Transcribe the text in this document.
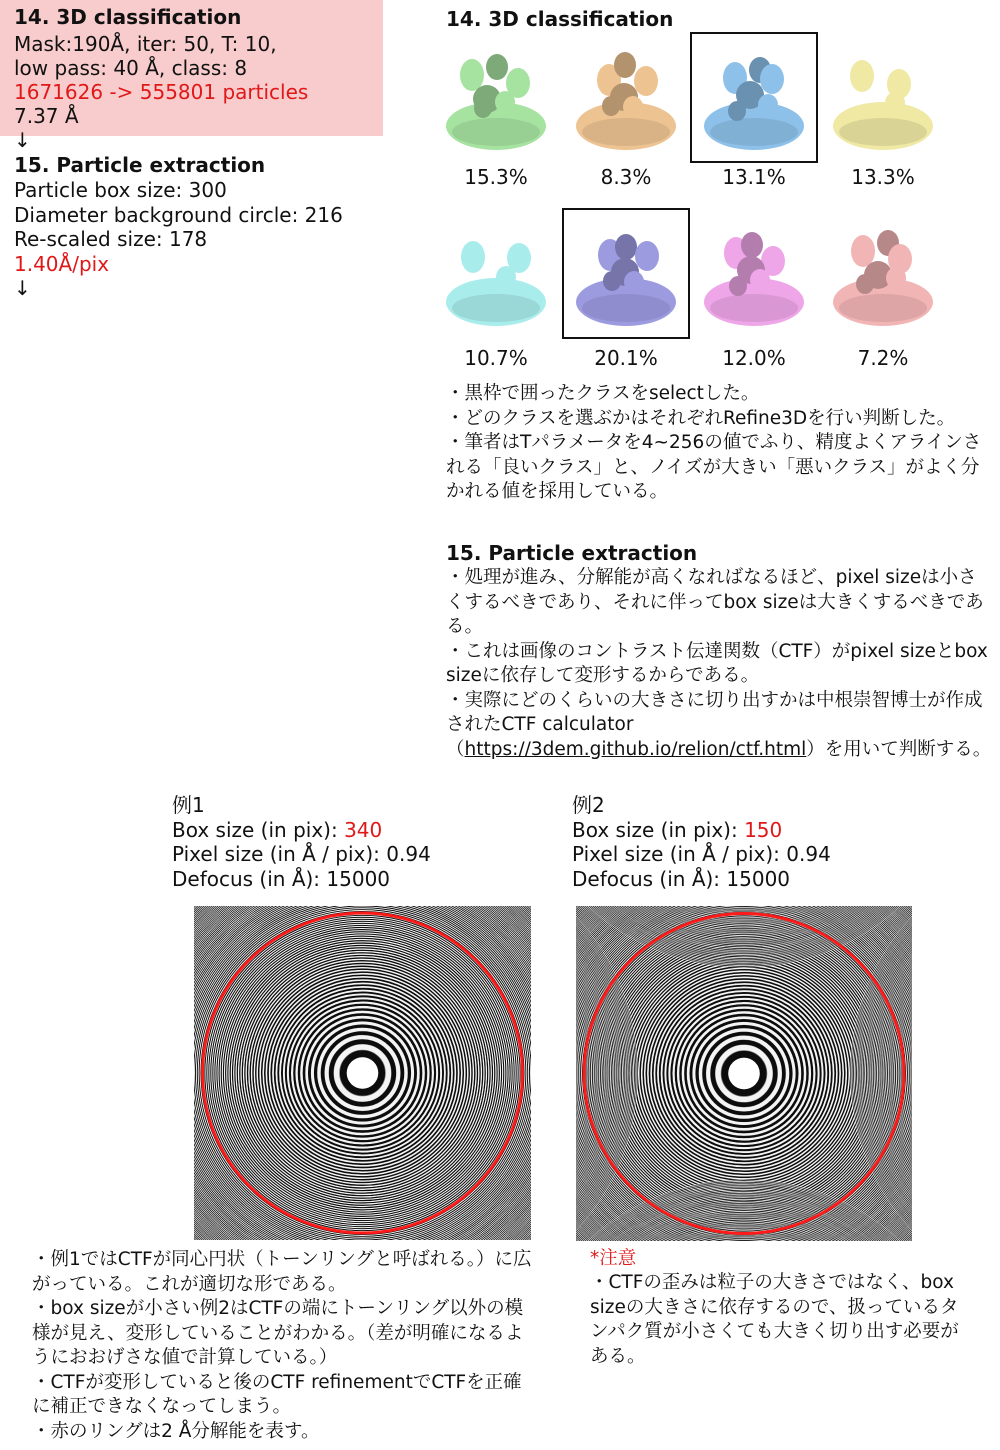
14. 3D classification
Mask:190Å, iter: 50, T: 10,
low pass: 40 Å, class: 8
1671626 -> 555801 particles
7.37 Å
↓
15. Particle extraction
Particle box size: 300
Diameter background circle: 216
Re-scaled size: 178
1.40Å/pix
↓
14. 3D classification
15.3%	8.3%	13.1%	13.3%
10.7%	20.1%	12.0%	7.2%
・黒枠で囲ったクラスをselectした。
・どのクラスを選ぶかはそれぞれRefine3Dを行い判断した。
・筆者はTパラメータを4~256の値でふり、精度よくアラインされる「良いクラス」と、ノイズが大きい「悪いクラス」がよく分かれる値を採用している。
15. Particle extraction
・処理が進み、分解能が高くなればなるほど、pixel sizeは小さくするべきであり、それに伴ってbox sizeは大きくするべきである。
・これは画像のコントラスト伝達関数（CTF）がpixel sizeとbox sizeに依存して変形するからである。
・実際にどのくらいの大きさに切り出すかは中根崇智博士が作成されたCTF calculator（https://3dem.github.io/relion/ctf.html）を用いて判断する。
例1
Box size (in pix): 340
Pixel size (in Å / pix): 0.94
Defocus (in Å): 15000
例2
Box size (in pix): 150
Pixel size (in Å / pix): 0.94
Defocus (in Å): 15000
・例1ではCTFが同心円状（トーンリングと呼ばれる。）に広がっている。これが適切な形である。
・box sizeが小さい例2はCTFの端にトーンリング以外の模様が見え、変形していることがわかる。（差が明確になるようにおおげさな値で計算している。）
・CTFが変形していると後のCTF refinementでCTFを正確に補正できなくなってしまう。
・赤のリングは2 Å分解能を表す。
*注意
・CTFの歪みは粒子の大きさではなく、box sizeの大きさに依存するので、扱っているタンパク質が小さくても大きく切り出す必要がある。
